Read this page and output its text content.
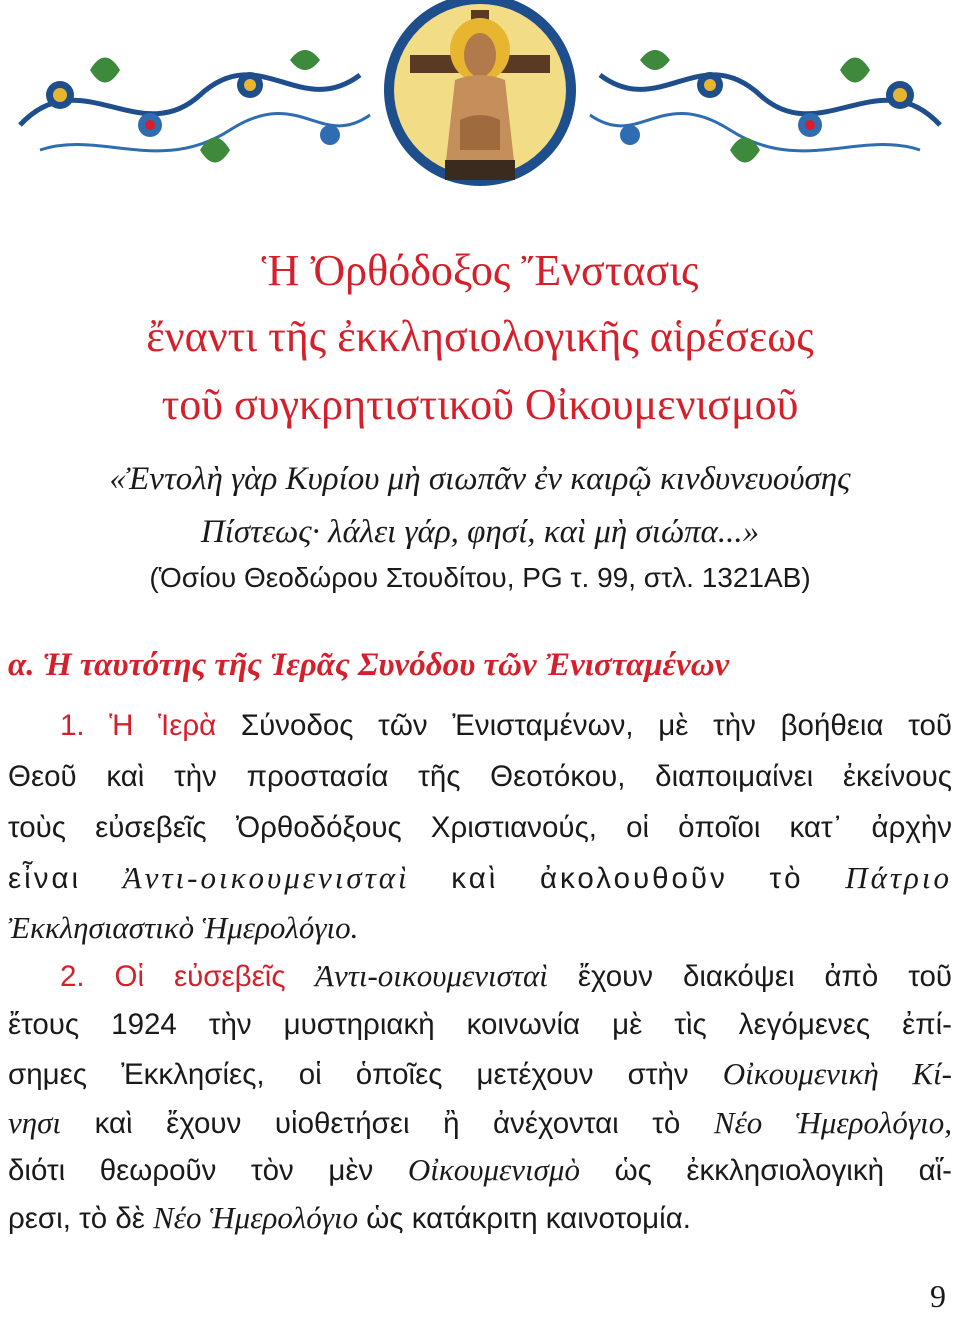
Ἡ Ὀρθόδοξος Ἔνστασις
ἔναντι τῆς ἐκκλησιολογικῆς αἱρέσεως
τοῦ συγκρητιστικοῦ Οἰκουμενισμοῦ
«Ἐντολὴ γὰρ Κυρίου μὴ σιωπᾶν ἐν καιρῷ κινδυνευούσης
Πίστεως· λάλει γάρ, φησί, καὶ μὴ σιώπα...»
(Ὁσίου Θεοδώρου Στουδίτου, PG τ. 99, στλ. 1321AB)
α. Ἡ ταυτότης τῆς Ἱερᾶς Συνόδου τῶν Ἐνισταμένων
1. Ἡ Ἱερὰ Σύνοδος τῶν Ἐνισταμένων, μὲ τὴν βοήθεια τοῦ
Θεοῦ καὶ τὴν προστασία τῆς Θεοτόκου, διαποιμαίνει ἐκείνους
τοὺς εὐσεβεῖς Ὀρθοδόξους Χριστιανούς, οἱ ὁποῖοι κατ᾽ ἀρχὴν
εἶναι Ἀντι-οικουμενισταὶ καὶ ἀκολουθοῦν τὸ Πάτριο
Ἐκκλησιαστικὸ Ἡμερολόγιο.
2. Οἱ εὐσεβεῖς Ἀντι-οικουμενισταὶ ἔχουν διακόψει ἀπὸ τοῦ
ἔτους 1924 τὴν μυστηριακὴ κοινωνία μὲ τὶς λεγόμενες ἐπί-
σημες Ἐκκλησίες, οἱ ὁποῖες μετέχουν στὴν Οἰκουμενικὴ Κί-
νησι καὶ ἔχουν υἱοθετήσει ἢ ἀνέχονται τὸ Νέο Ἡμερολόγιο,
διότι θεωροῦν τὸν μὲν Οἰκουμενισμὸ ὡς ἐκκλησιολογικὴ αἵ-
ρεσι, τὸ δὲ Νέο Ἡμερολόγιο ὡς κατάκριτη καινοτομία.
9
